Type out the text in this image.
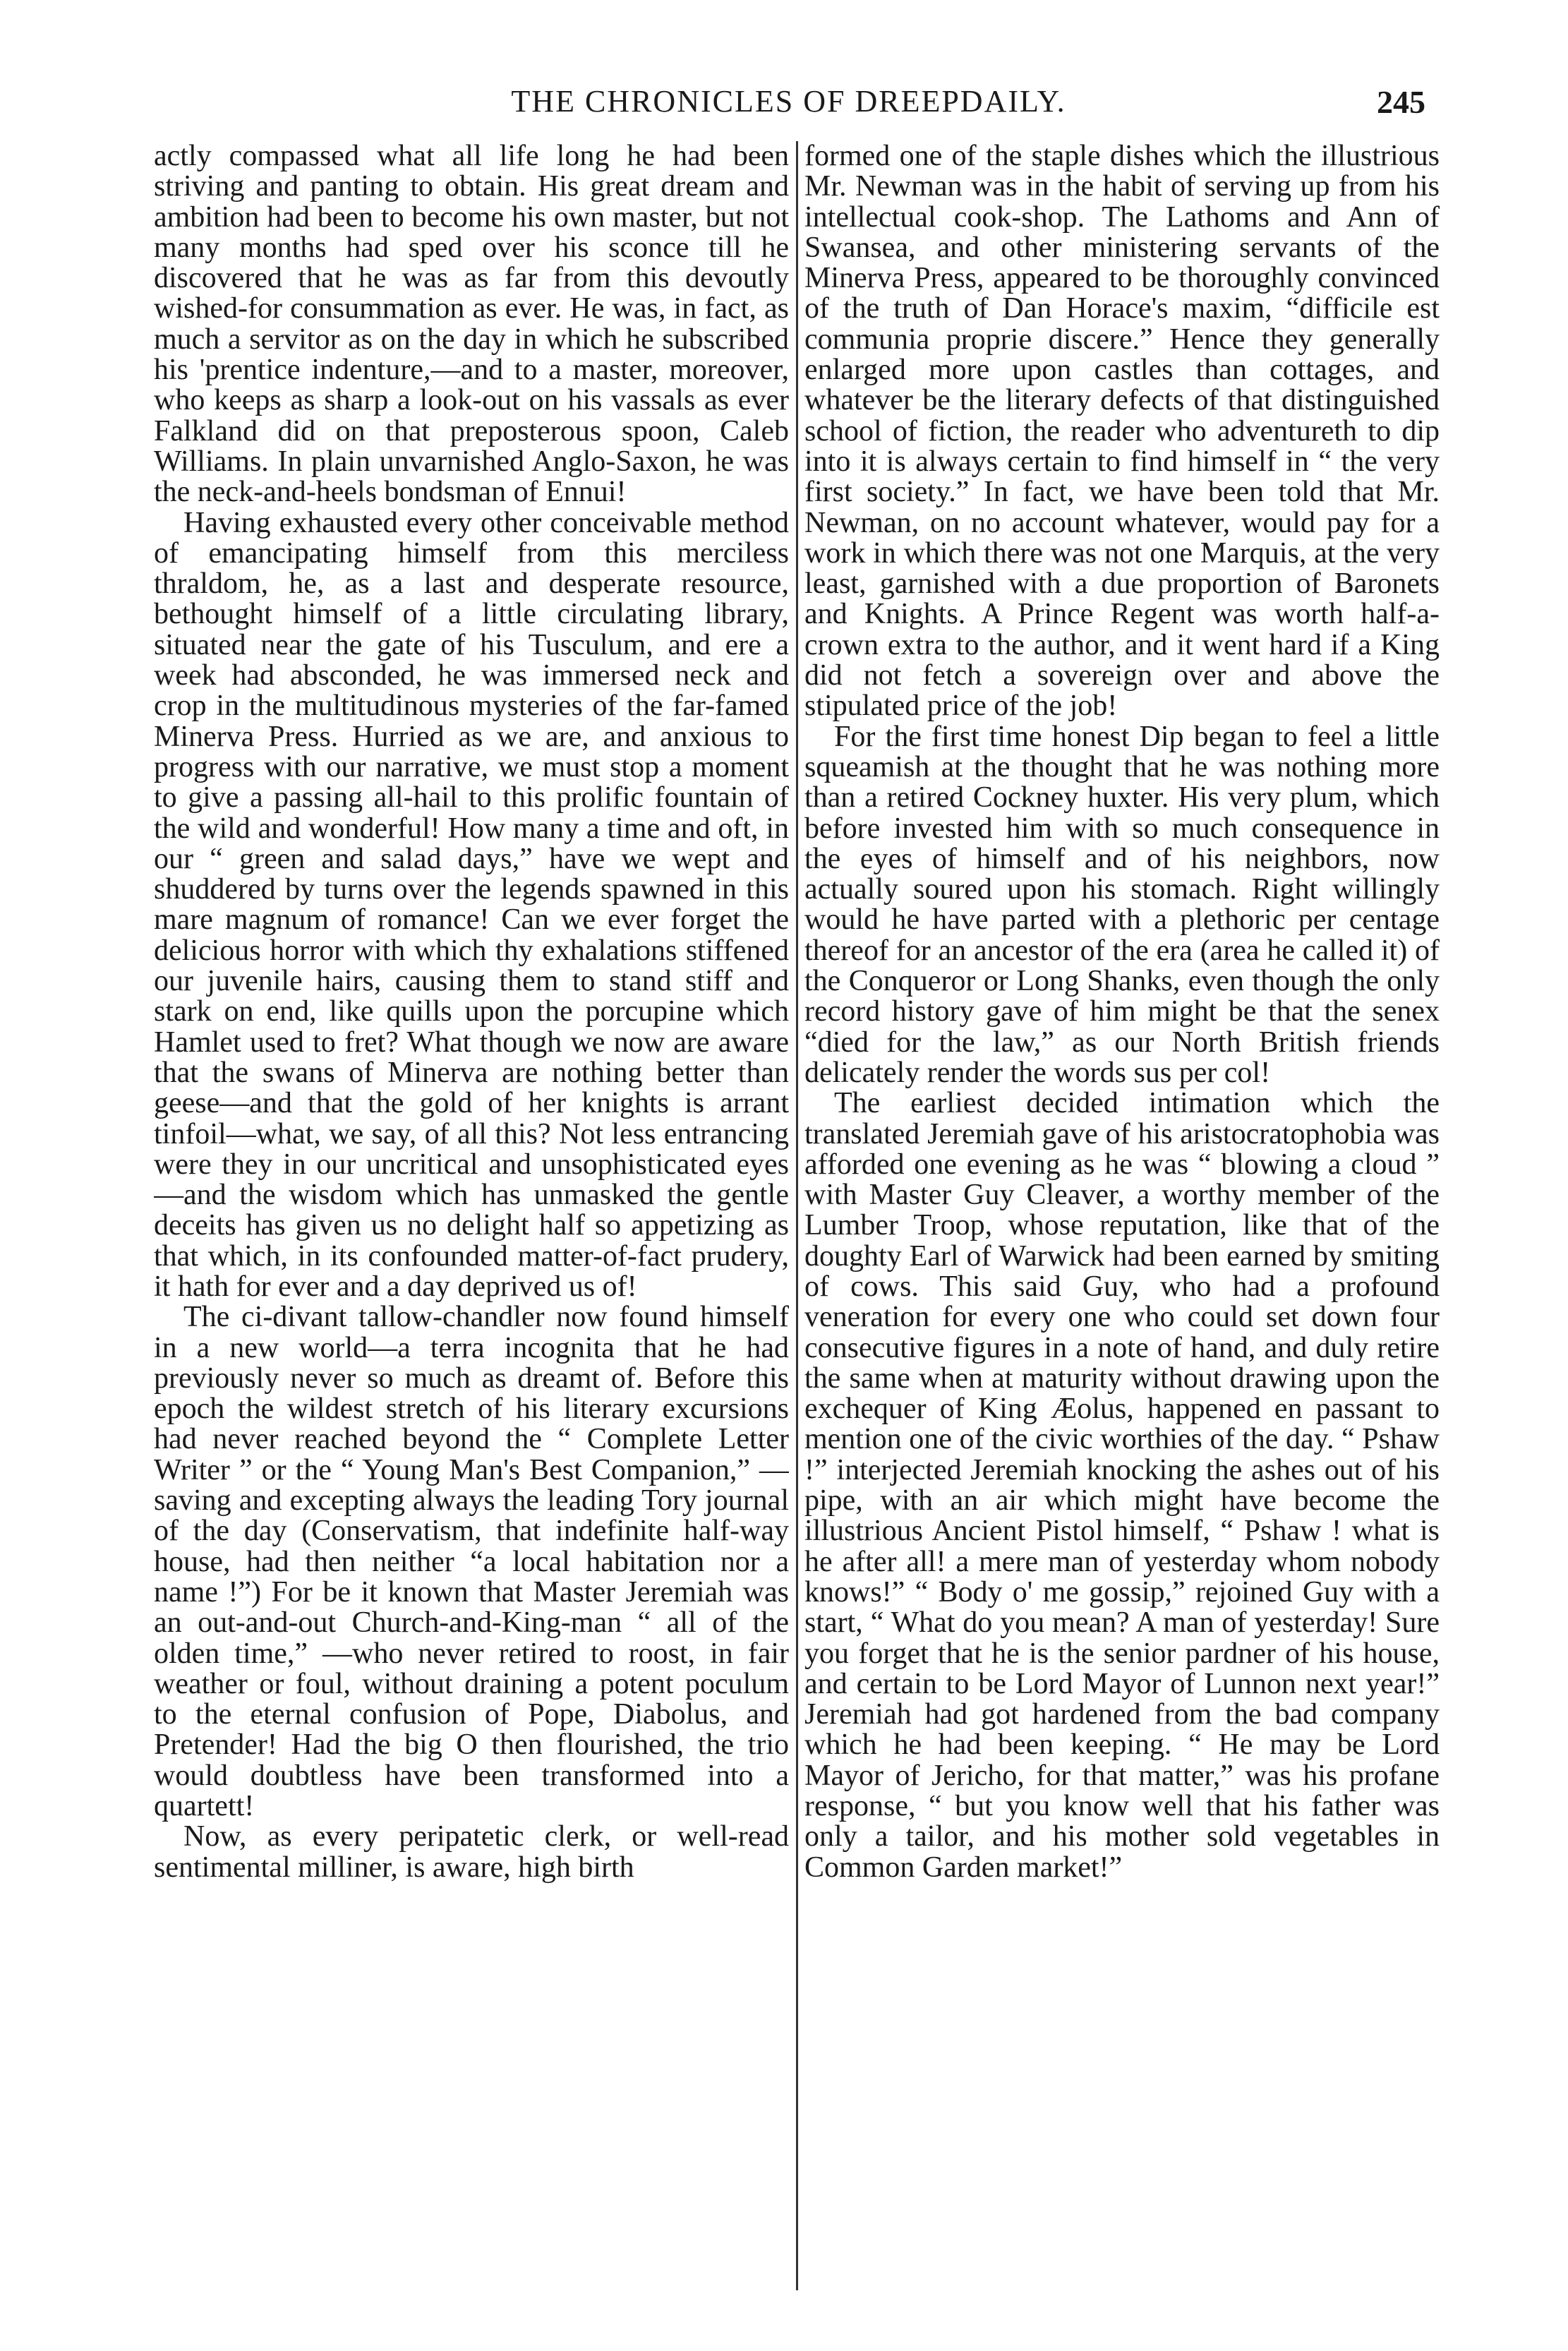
THE CHRONICLES OF DREEPDAILY.	245

actly compassed what all life long he had been striving and panting to obtain. His great dream and ambition had been to become his own master, but not many months had sped over his sconce till he discovered that he was as far from this devoutly wished-for consummation as ever. He was, in fact, as much a servitor as on the day in which he subscribed his 'prentice indenture,—and to a master, moreover, who keeps as sharp a look-out on his vassals as ever Falkland did on that preposterous spoon, Caleb Williams. In plain unvarnished Anglo-Saxon, he was the neck-and-heels bondsman of Ennui!

Having exhausted every other conceivable method of emancipating himself from this merciless thraldom, he, as a last and desperate resource, bethought himself of a little circulating library, situated near the gate of his Tusculum, and ere a week had absconded, he was immersed neck and crop in the multitudinous mysteries of the far-famed Minerva Press. Hurried as we are, and anxious to progress with our narrative, we must stop a moment to give a passing all-hail to this prolific fountain of the wild and wonderful! How many a time and oft, in our “ green and salad days,” have we wept and shuddered by turns over the legends spawned in this mare magnum of romance! Can we ever forget the delicious horror with which thy exhalations stiffened our juvenile hairs, causing them to stand stiff and stark on end, like quills upon the porcupine which Hamlet used to fret? What though we now are aware that the swans of Minerva are nothing better than geese—and that the gold of her knights is arrant tinfoil—what, we say, of all this? Not less entrancing were they in our uncritical and unsophisticated eyes—and the wisdom which has unmasked the gentle deceits has given us no delight half so appetizing as that which, in its confounded matter-of-fact prudery, it hath for ever and a day deprived us of!

The ci-divant tallow-chandler now found himself in a new world—a terra incognita that he had previously never so much as dreamt of. Before this epoch the wildest stretch of his literary excursions had never reached beyond the “ Complete Letter Writer ” or the “ Young Man's Best Companion,” —saving and excepting always the leading Tory journal of the day (Conservatism, that indefinite half-way house, had then neither “a local habitation nor a name !”) For be it known that Master Jeremiah was an out-and-out Church-and-King-man “ all of the olden time,” —who never retired to roost, in fair weather or foul, without draining a potent poculum to the eternal confusion of Pope, Diabolus, and Pretender! Had the big O then flourished, the trio would doubtless have been transformed into a quartett!

Now, as every peripatetic clerk, or well-read sentimental milliner, is aware, high birth

formed one of the staple dishes which the illustrious Mr. Newman was in the habit of serving up from his intellectual cook-shop. The Lathoms and Ann of Swansea, and other ministering servants of the Minerva Press, appeared to be thoroughly convinced of the truth of Dan Horace's maxim, “difficile est communia proprie discere.” Hence they generally enlarged more upon castles than cottages, and whatever be the literary defects of that distinguished school of fiction, the reader who adventureth to dip into it is always certain to find himself in “ the very first society.” In fact, we have been told that Mr. Newman, on no account whatever, would pay for a work in which there was not one Marquis, at the very least, garnished with a due proportion of Baronets and Knights. A Prince Regent was worth half-a-crown extra to the author, and it went hard if a King did not fetch a sovereign over and above the stipulated price of the job!

For the first time honest Dip began to feel a little squeamish at the thought that he was nothing more than a retired Cockney huxter. His very plum, which before invested him with so much consequence in the eyes of himself and of his neighbors, now actually soured upon his stomach. Right willingly would he have parted with a plethoric per centage thereof for an ancestor of the era (area he called it) of the Conqueror or Long Shanks, even though the only record history gave of him might be that the senex “died for the law,” as our North British friends delicately render the words sus per col!

The earliest decided intimation which the translated Jeremiah gave of his aristocratophobia was afforded one evening as he was “ blowing a cloud ” with Master Guy Cleaver, a worthy member of the Lumber Troop, whose reputation, like that of the doughty Earl of Warwick had been earned by smiting of cows. This said Guy, who had a profound veneration for every one who could set down four consecutive figures in a note of hand, and duly retire the same when at maturity without drawing upon the exchequer of King Æolus, happened en passant to mention one of the civic worthies of the day. “ Pshaw !” interjected Jeremiah knocking the ashes out of his pipe, with an air which might have become the illustrious Ancient Pistol himself, “ Pshaw ! what is he after all! a mere man of yesterday whom nobody knows!” “ Body o' me gossip,” rejoined Guy with a start, “ What do you mean? A man of yesterday! Sure you forget that he is the senior pardner of his house, and certain to be Lord Mayor of Lunnon next year!” Jeremiah had got hardened from the bad company which he had been keeping. “ He may be Lord Mayor of Jericho, for that matter,” was his profane response, “ but you know well that his father was only a tailor, and his mother sold vegetables in Common Garden market!”
